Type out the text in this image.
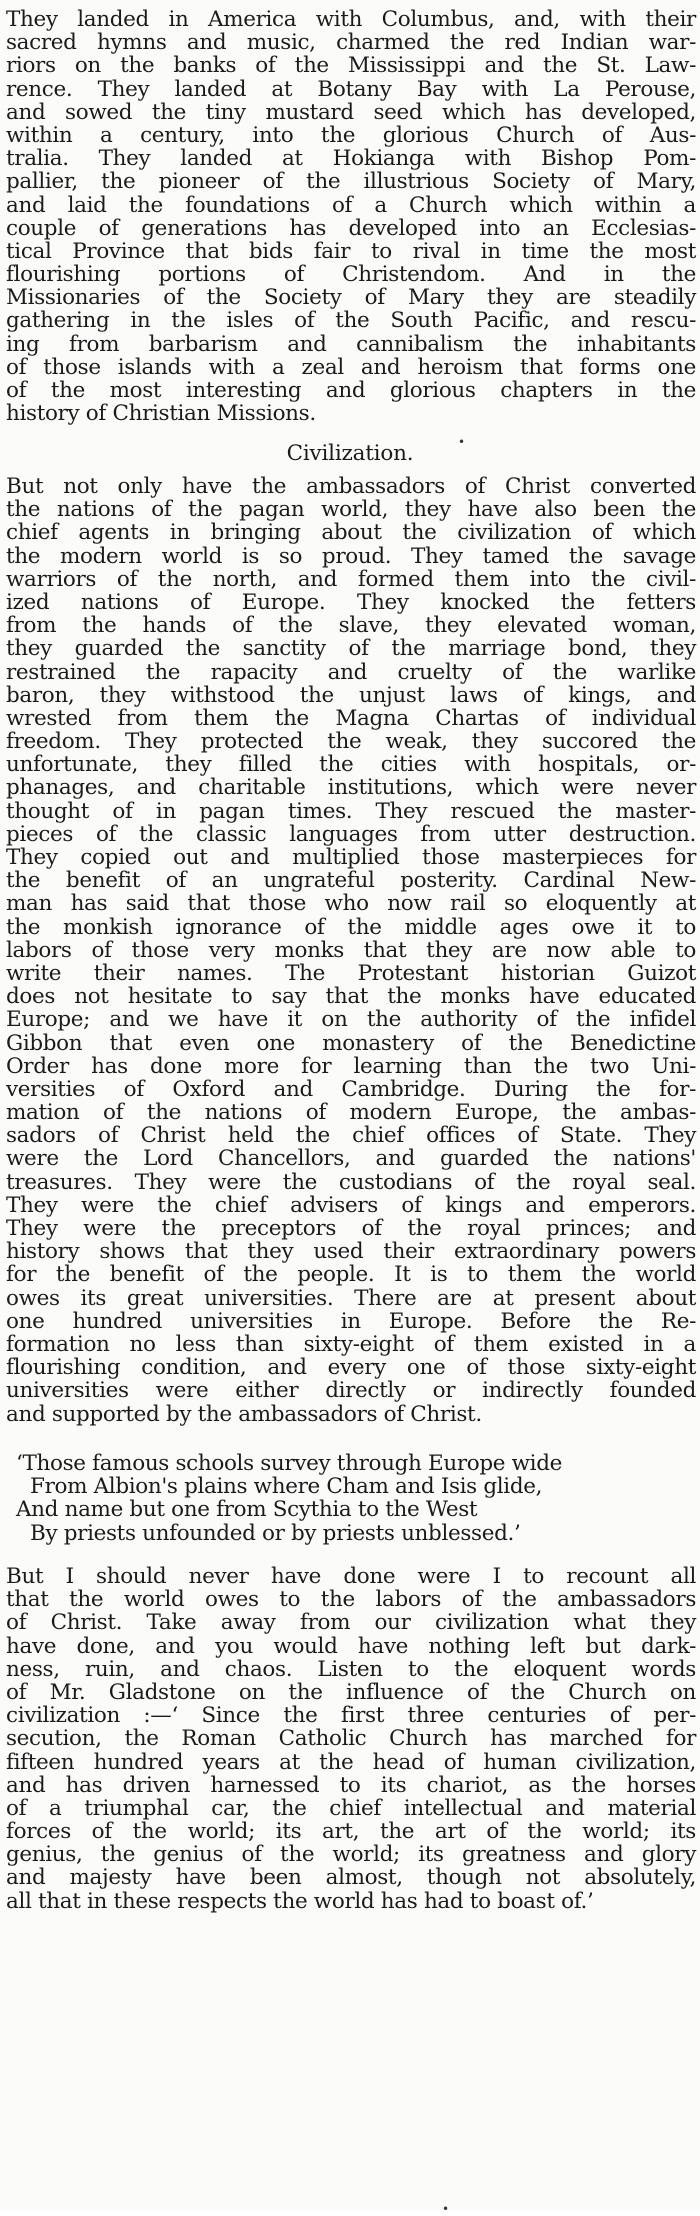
They landed in America with Columbus, and, with their
sacred hymns and music, charmed the red Indian war-
riors on the banks of the Mississippi and the St. Law-
rence. They landed at Botany Bay with La Perouse,
and sowed the tiny mustard seed which has developed,
within a century, into the glorious Church of Aus-
tralia. They landed at Hokianga with Bishop Pom-
pallier, the pioneer of the illustrious Society of Mary,
and laid the foundations of a Church which within a
couple of generations has developed into an Ecclesias-
tical Province that bids fair to rival in time the most
flourishing portions of Christendom. And in the
Missionaries of the Society of Mary they are steadily
gathering in the isles of the South Pacific, and rescu-
ing from barbarism and cannibalism the inhabitants
of those islands with a zeal and heroism that forms one
of the most interesting and glorious chapters in the
history of Christian Missions.
Civilization.	•
But not only have the ambassadors of Christ converted
the nations of the pagan world, they have also been the
chief agents in bringing about the civilization of which
the modern world is so proud. They tamed the savage
warriors of the north, and formed them into the civil-
ized nations of Europe. They knocked the fetters
from the hands of the slave, they elevated woman,
they guarded the sanctity of the marriage bond, they
restrained the rapacity and cruelty of the warlike
baron, they withstood the unjust laws of kings, and
wrested from them the Magna Chartas of individual
freedom. They protected the weak, they succored the
unfortunate, they filled the cities with hospitals, or-
phanages, and charitable institutions, which were never
thought of in pagan times. They rescued the master-
pieces of the classic languages from utter destruction.
They copied out and multiplied those masterpieces for
the benefit of an ungrateful posterity. Cardinal New-
man has said that those who now rail so eloquently at
the monkish ignorance of the middle ages owe it to
labors of those very monks that they are now able to
write their names. The Protestant historian Guizot
does not hesitate to say that the monks have educated
Europe; and we have it on the authority of the infidel
Gibbon that even one monastery of the Benedictine
Order has done more for learning than the two Uni-
versities of Oxford and Cambridge. During the for-
mation of the nations of modern Europe, the ambas-
sadors of Christ held the chief offices of State. They
were the Lord Chancellors, and guarded the nations'
treasures. They were the custodians of the royal seal.
They were the chief advisers of kings and emperors.
They were the preceptors of the royal princes; and
history shows that they used their extraordinary powers
for the benefit of the people. It is to them the world
owes its great universities. There are at present about
one hundred universities in Europe. Before the Re-
formation no less than sixty-eight of them existed in a
flourishing condition, and every one of those sixty-eight
universities were either directly or indirectly founded
and supported by the ambassadors of Christ.
‘Those famous schools survey through Europe wide
From Albion's plains where Cham and Isis glide,
And name but one from Scythia to the West
By priests unfounded or by priests unblessed.’
But I should never have done were I to recount all
that the world owes to the labors of the ambassadors
of Christ. Take away from our civilization what they
have done, and you would have nothing left but dark-
ness, ruin, and chaos. Listen to the eloquent words
of Mr. Gladstone on the influence of the Church on
civilization :—‘ Since the first three centuries of per-
secution, the Roman Catholic Church has marched for
fifteen hundred years at the head of human civilization,
and has driven harnessed to its chariot, as the horses
of a triumphal car, the chief intellectual and material
forces of the world; its art, the art of the world; its
genius, the genius of the world; its greatness and glory
and majesty have been almost, though not absolutely,
all that in these respects the world has had to boast of.’
•
